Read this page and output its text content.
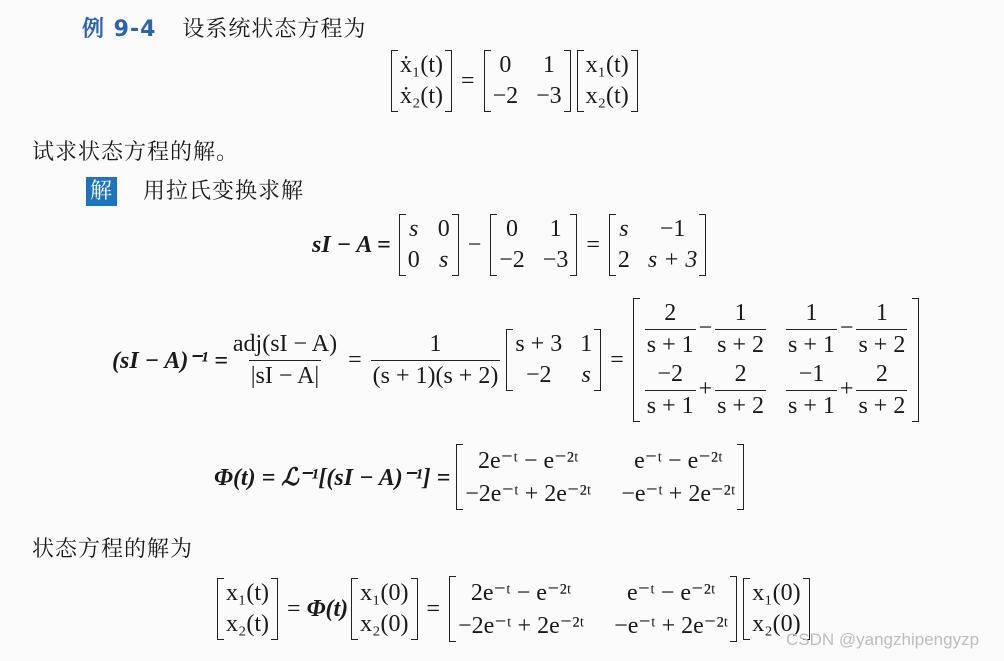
例 9-4 设系统状态方程为
ẋ₁(t)
ẋ₂(t)
=
0 1
−2 −3
x₁(t)
x₂(t)
试求状态方程的解。
解 用拉氏变换求解
sI − A =
s 0
0 s
−
0 1
−2 −3
=
s −1
2 s + 3
$(sI - A)^{-1} = \frac{\text{adj(sI − A)}}{|sI - A|} = \frac{1}{(s + 1)(s + 2)}$ s + 3 1
−2 s
=
$\frac{2}{s + 1} - \frac{1}{s + 2} \frac{1}{s + 1} - \frac{1}{s + 2}$
$\frac{-2}{s + 1} + \frac{2}{s + 2} \frac{-1}{s + 1} + \frac{2}{s + 2}$
Φ(t) = ℒ⁻¹[(sI − A)⁻¹] =
2e⁻ᵗ − e⁻²ᵗ e⁻ᵗ − e⁻²ᵗ
−2e⁻ᵗ + 2e⁻²ᵗ −e⁻ᵗ + 2e⁻²ᵗ
状态方程的解为
x₁(t)
x₂(t)
= Φ(t)
x₁(0)
x₂(0)
=
2e⁻ᵗ − e⁻²ᵗ e⁻ᵗ − e⁻²ᵗ
−2e⁻ᵗ + 2e⁻²ᵗ −e⁻ᵗ + 2e⁻²ᵗ
x₁(0)
x₂(0)
CSDN @yangzhipengyzp
